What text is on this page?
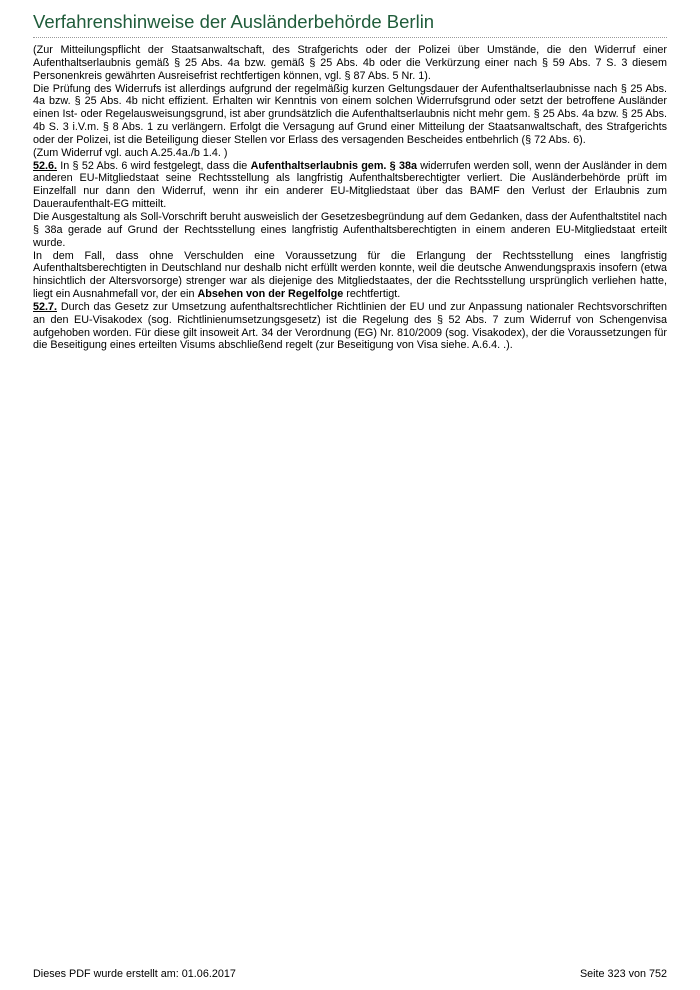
Verfahrenshinweise der Ausländerbehörde Berlin

(Zur Mitteilungspflicht der Staatsanwaltschaft, des Strafgerichts oder der Polizei über Umstände, die den Widerruf einer Aufenthaltserlaubnis gemäß § 25 Abs. 4a bzw. gemäß § 25 Abs. 4b oder die Verkürzung einer nach § 59 Abs. 7 S. 3 diesem Personenkreis gewährten Ausreisefrist rechtfertigen können, vgl. § 87 Abs. 5 Nr. 1).

Die Prüfung des Widerrufs ist allerdings aufgrund der regelmäßig kurzen Geltungsdauer der Aufenthaltserlaubnisse nach § 25 Abs. 4a bzw. § 25 Abs. 4b nicht effizient. Erhalten wir Kenntnis von einem solchen Widerrufsgrund oder setzt der betroffene Ausländer einen Ist- oder Regelausweisungsgrund, ist aber grundsätzlich die Aufenthaltserlaubnis nicht mehr gem. § 25 Abs. 4a bzw. § 25 Abs. 4b S. 3 i.V.m. § 8 Abs. 1 zu verlängern. Erfolgt die Versagung auf Grund einer Mitteilung der Staatsanwaltschaft, des Strafgerichts oder der Polizei, ist die Beteiligung dieser Stellen vor Erlass des versagenden Bescheides entbehrlich (§ 72 Abs. 6).

(Zum Widerruf vgl. auch A.25.4a./b 1.4. )

52.6. In § 52 Abs. 6 wird festgelegt, dass die Aufenthaltserlaubnis gem. § 38a widerrufen werden soll, wenn der Ausländer in dem anderen EU-Mitgliedstaat seine Rechtsstellung als langfristig Aufenthaltsberechtigter verliert. Die Ausländerbehörde prüft im Einzelfall nur dann den Widerruf, wenn ihr ein anderer EU-Mitgliedstaat über das BAMF den Verlust der Erlaubnis zum Daueraufenthalt-EG mitteilt.

Die Ausgestaltung als Soll-Vorschrift beruht ausweislich der Gesetzesbegründung auf dem Gedanken, dass der Aufenthaltstitel nach § 38a gerade auf Grund der Rechtsstellung eines langfristig Aufenthaltsberechtigten in einem anderen EU-Mitgliedstaat erteilt wurde.

In dem Fall, dass ohne Verschulden eine Voraussetzung für die Erlangung der Rechtsstellung eines langfristig Aufenthaltsberechtigten in Deutschland nur deshalb nicht erfüllt werden konnte, weil die deutsche Anwendungspraxis insofern (etwa hinsichtlich der Altersvorsorge) strenger war als diejenige des Mitgliedstaates, der die Rechtsstellung ursprünglich verliehen hatte, liegt ein Ausnahmefall vor, der ein Absehen von der Regelfolge rechtfertigt.

52.7. Durch das Gesetz zur Umsetzung aufenthaltsrechtlicher Richtlinien der EU und zur Anpassung nationaler Rechtsvorschriften an den EU-Visakodex (sog. Richtlinienumsetzungsgesetz) ist die Regelung des § 52 Abs. 7 zum Widerruf von Schengenvisa aufgehoben worden. Für diese gilt insoweit Art. 34 der Verordnung (EG) Nr. 810/2009 (sog. Visakodex), der die Voraussetzungen für die Beseitigung eines erteilten Visums abschließend regelt (zur Beseitigung von Visa siehe. A.6.4. .).

Dieses PDF wurde erstellt am: 01.06.2017	Seite 323 von 752
